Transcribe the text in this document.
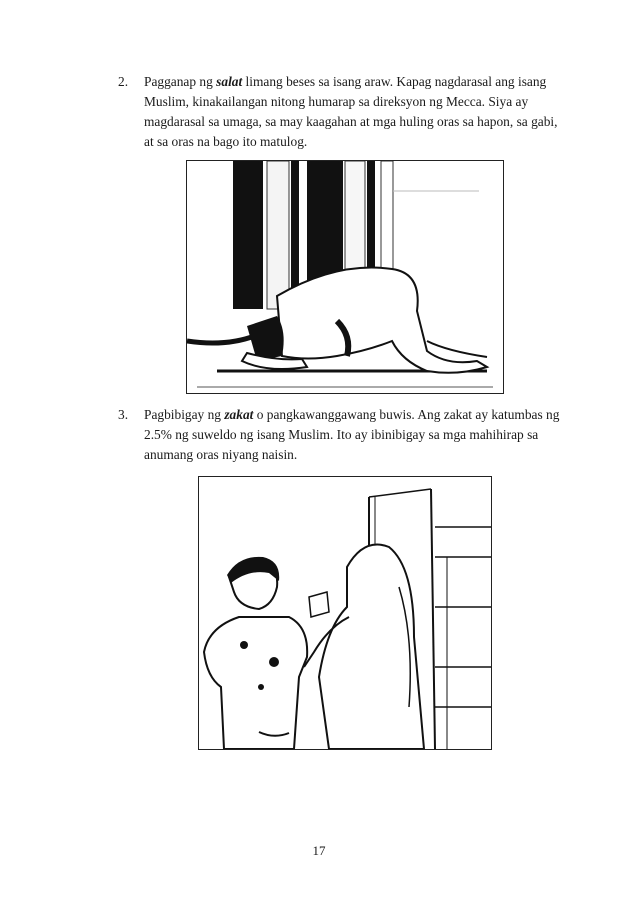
2. Pagganap ng salat limang beses sa isang araw. Kapag nagdarasal ang isang Muslim, kinakailangan nitong humarap sa direksyon ng Mecca. Siya ay magdarasal sa umaga, sa may kaagahan at mga huling oras sa hapon, sa gabi, at sa oras na bago ito matulog.
3. Pagbibigay ng zakat o pangkawanggawang buwis. Ang zakat ay katumbas ng 2.5% ng suweldo ng isang Muslim. Ito ay ibinibigay sa mga mahihirap sa anumang oras niyang naisin.
17
